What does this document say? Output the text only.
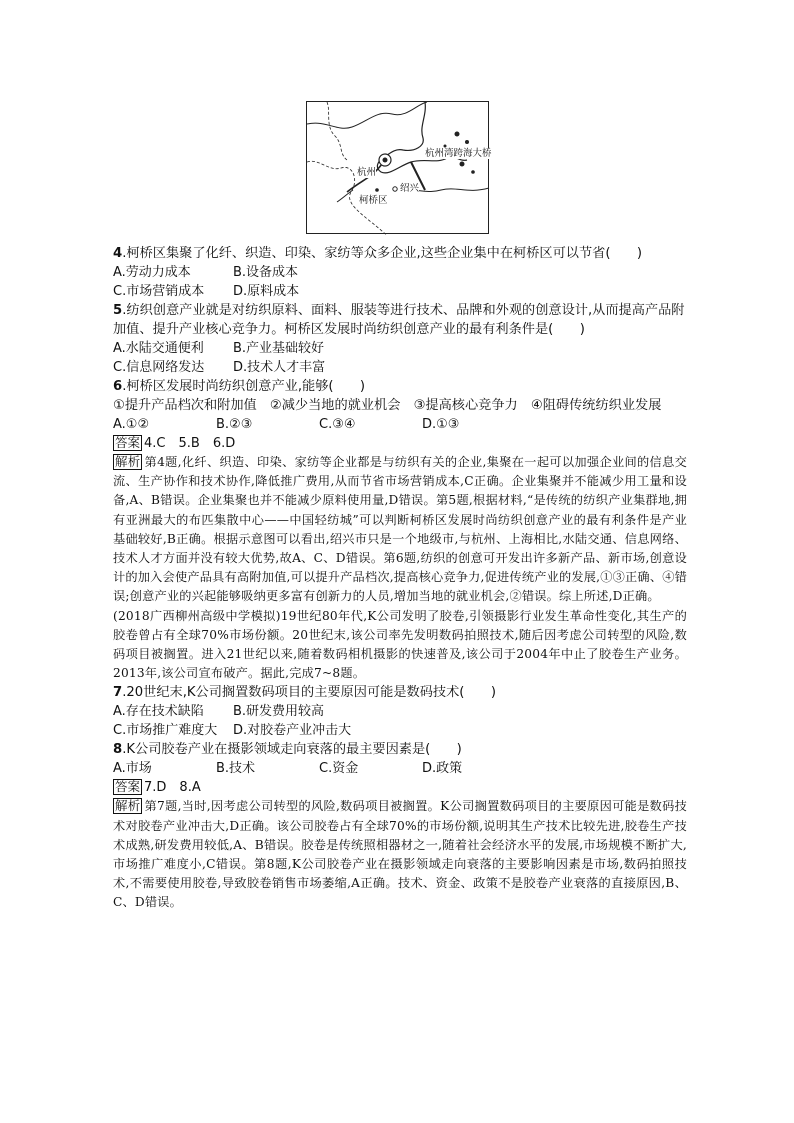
杭州湾跨海大桥
杭州
绍兴
柯桥区
4.柯桥区集聚了化纤、织造、印染、家纺等众多企业,这些企业集中在柯桥区可以节省(　　)
A.劳动力成本	B.设备成本
C.市场营销成本	D.原料成本
5.纺织创意产业就是对纺织原料、面料、服装等进行技术、品牌和外观的创意设计,从而提高产品附加值、提升产业核心竞争力。柯桥区发展时尚纺织创意产业的最有利条件是(　　)
A.水陆交通便利	B.产业基础较好
C.信息网络发达	D.技术人才丰富
6.柯桥区发展时尚纺织创意产业,能够(　　)
①提升产品档次和附加值　②减少当地的就业机会　③提高核心竞争力　④阻碍传统纺织业发展
A.①②	B.②③	C.③④	D.①③
答案 4.C　5.B　6.D
解析 第4题,化纤、织造、印染、家纺等企业都是与纺织有关的企业,集聚在一起可以加强企业间的信息交流、生产协作和技术协作,降低推广费用,从而节省市场营销成本,C正确。企业集聚并不能减少用工量和设备,A、B错误。企业集聚也并不能减少原料使用量,D错误。第5题,根据材料,“是传统的纺织产业集群地,拥有亚洲最大的布匹集散中心——中国轻纺城”可以判断柯桥区发展时尚纺织创意产业的最有利条件是产业基础较好,B正确。根据示意图可以看出,绍兴市只是一个地级市,与杭州、上海相比,水陆交通、信息网络、技术人才方面并没有较大优势,故A、C、D错误。第6题,纺织的创意可开发出许多新产品、新市场,创意设计的加入会使产品具有高附加值,可以提升产品档次,提高核心竞争力,促进传统产业的发展,①③正确、④错误;创意产业的兴起能够吸纳更多富有创新力的人员,增加当地的就业机会,②错误。综上所述,D正确。
(2018广西柳州高级中学模拟)19世纪80年代,K公司发明了胶卷,引领摄影行业发生革命性变化,其生产的胶卷曾占有全球70%市场份额。20世纪末,该公司率先发明数码拍照技术,随后因考虑公司转型的风险,数码项目被搁置。进入21世纪以来,随着数码相机摄影的快速普及,该公司于2004年中止了胶卷生产业务。2013年,该公司宣布破产。据此,完成7~8题。
7.20世纪末,K公司搁置数码项目的主要原因可能是数码技术(　　)
A.存在技术缺陷	B.研发费用较高
C.市场推广难度大	D.对胶卷产业冲击大
8.K公司胶卷产业在摄影领域走向衰落的最主要因素是(　　)
A.市场	B.技术	C.资金	D.政策
答案 7.D　8.A
解析 第7题,当时,因考虑公司转型的风险,数码项目被搁置。K公司搁置数码项目的主要原因可能是数码技术对胶卷产业冲击大,D正确。该公司胶卷占有全球70%的市场份额,说明其生产技术比较先进,胶卷生产技术成熟,研发费用较低,A、B错误。胶卷是传统照相器材之一,随着社会经济水平的发展,市场规模不断扩大,市场推广难度小,C错误。第8题,K公司胶卷产业在摄影领域走向衰落的主要影响因素是市场,数码拍照技术,不需要使用胶卷,导致胶卷销售市场萎缩,A正确。技术、资金、政策不是胶卷产业衰落的直接原因,B、C、D错误。
